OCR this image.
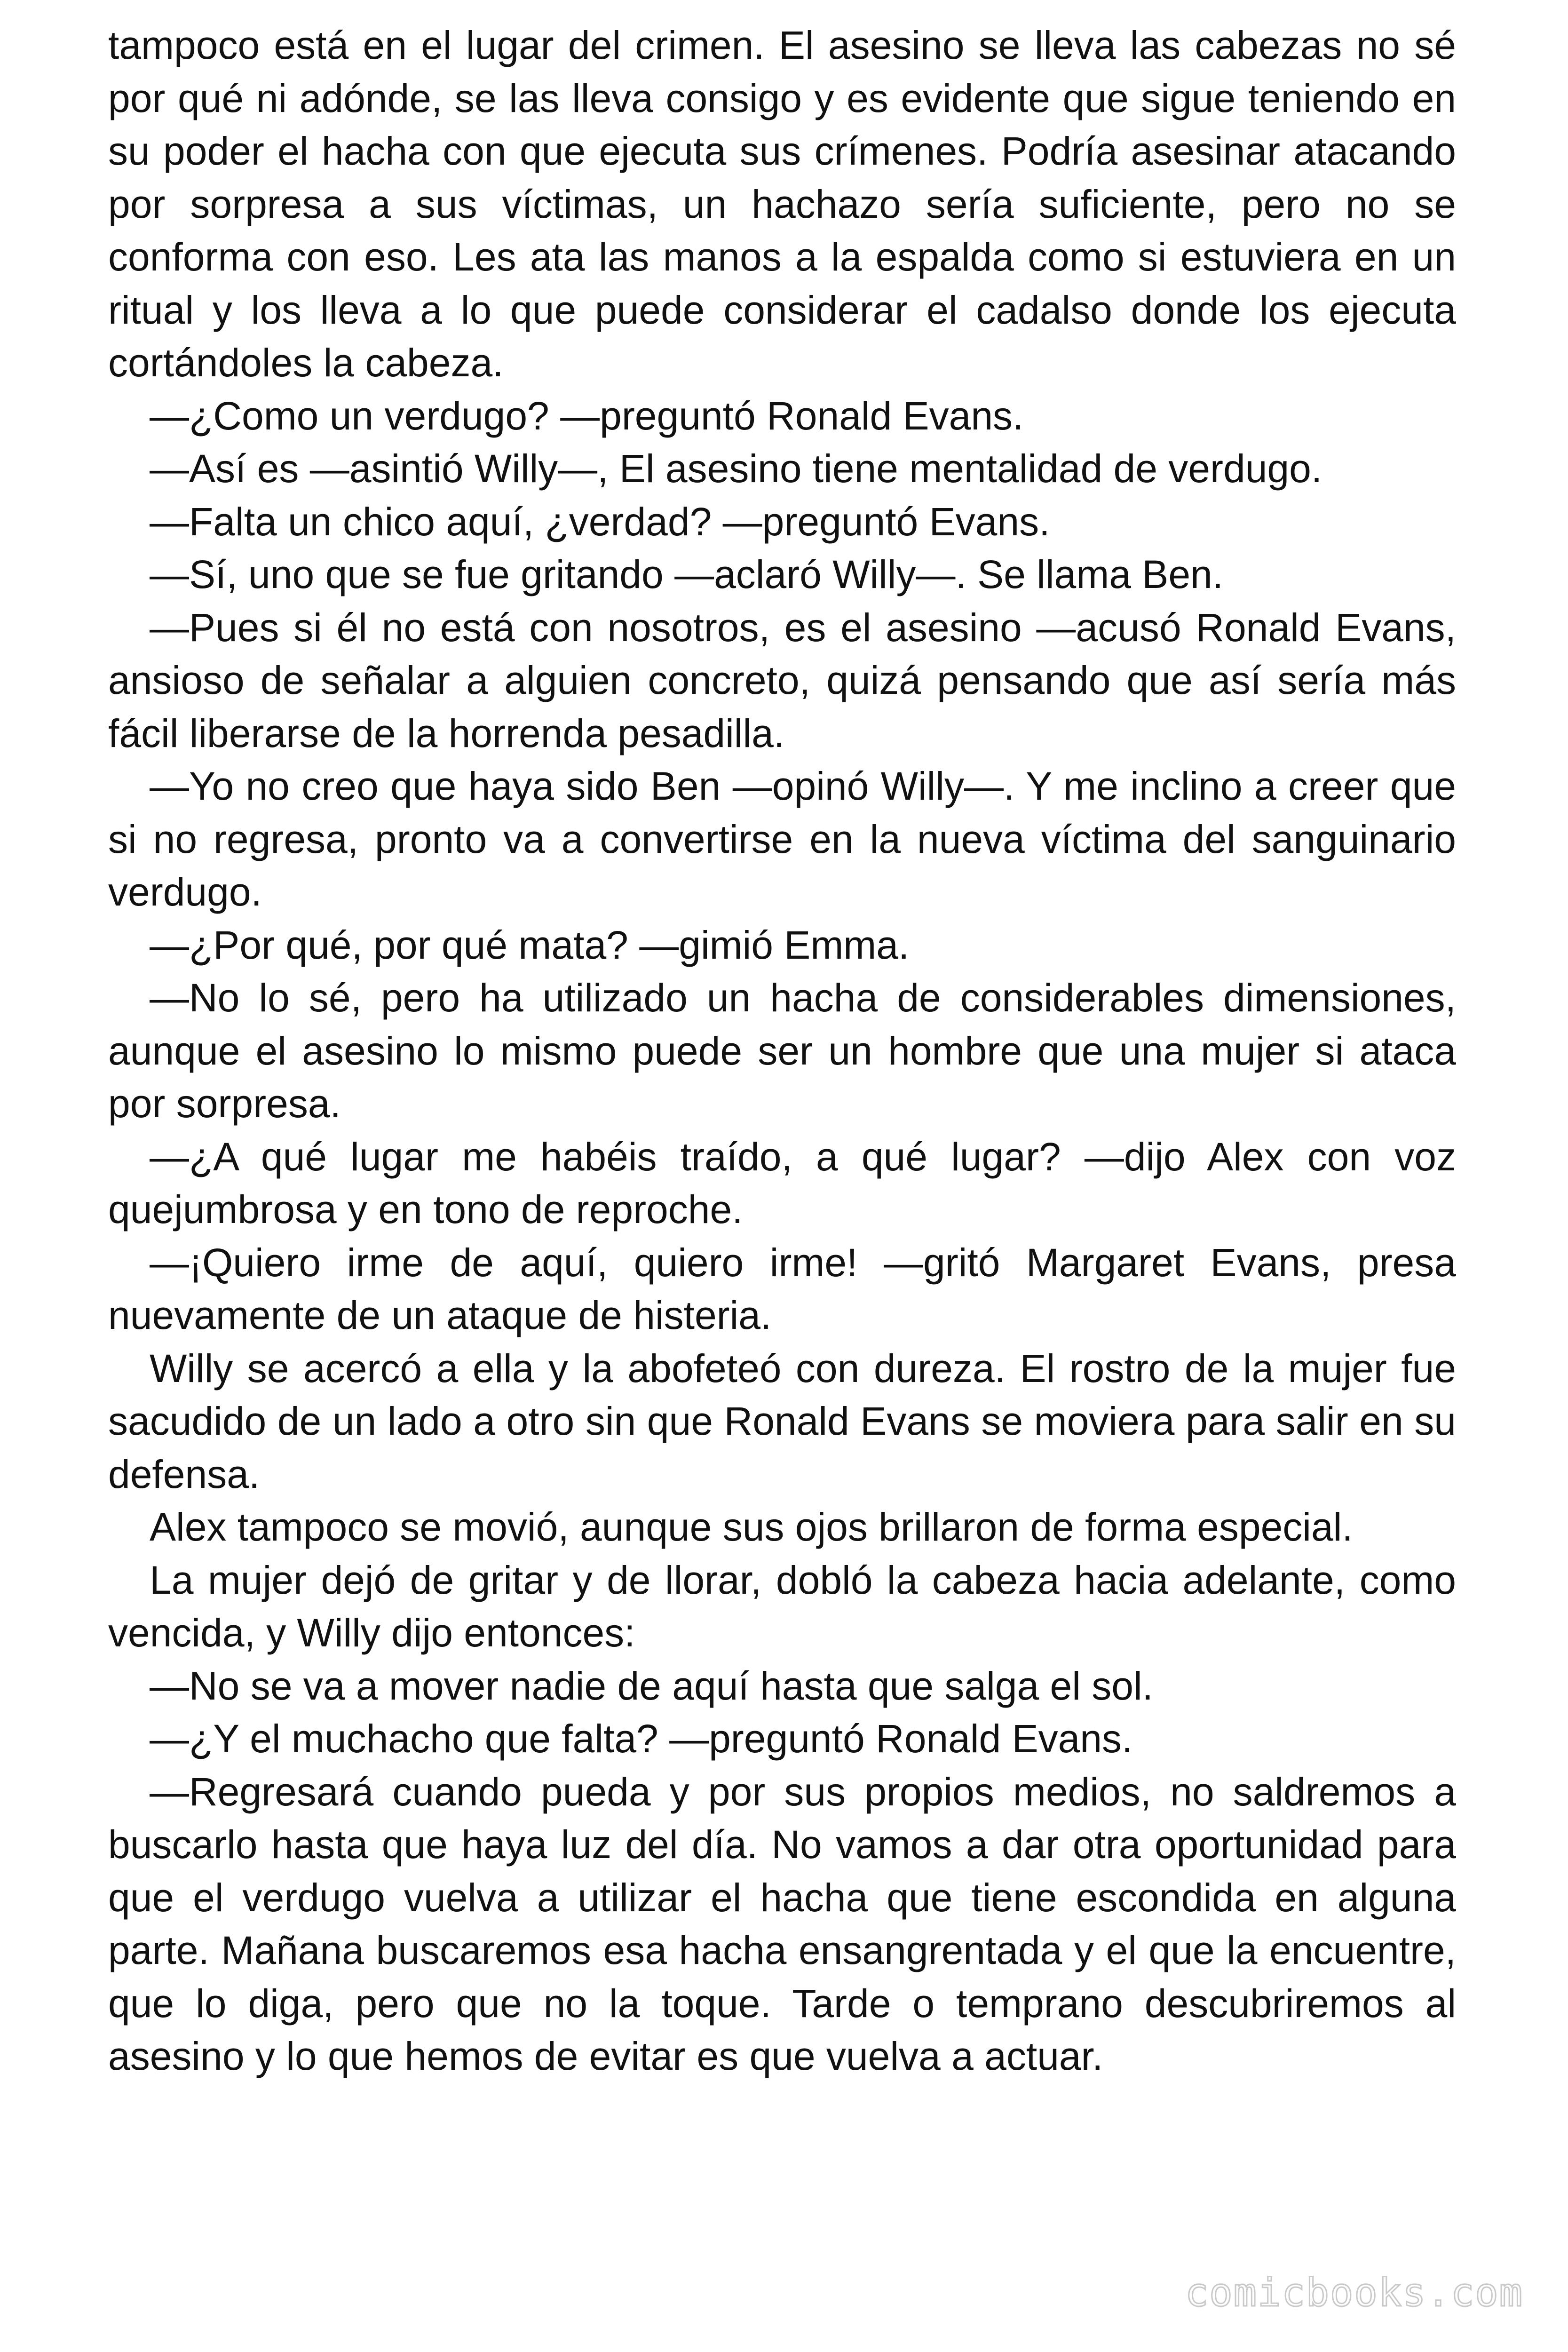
tampoco está en el lugar del crimen. El asesino se lleva las cabezas no sé por qué ni adónde, se las lleva consigo y es evidente que sigue teniendo en su poder el hacha con que ejecuta sus crímenes. Podría asesinar atacando por sorpresa a sus víctimas, un hachazo sería suficiente, pero no se conforma con eso. Les ata las manos a la espalda como si estuviera en un ritual y los lleva a lo que puede considerar el cadalso donde los ejecuta cortándoles la cabeza.

—¿Como un verdugo? —preguntó Ronald Evans.

—Así es —asintió Willy—, El asesino tiene mentalidad de verdugo.

—Falta un chico aquí, ¿verdad? —preguntó Evans.

—Sí, uno que se fue gritando —aclaró Willy—. Se llama Ben.

—Pues si él no está con nosotros, es el asesino —acusó Ronald Evans, ansioso de señalar a alguien concreto, quizá pensando que así sería más fácil liberarse de la horrenda pesadilla.

—Yo no creo que haya sido Ben —opinó Willy—. Y me inclino a creer que si no regresa, pronto va a convertirse en la nueva víctima del sanguinario verdugo.

—¿Por qué, por qué mata? —gimió Emma.

—No lo sé, pero ha utilizado un hacha de considerables dimensiones, aunque el asesino lo mismo puede ser un hombre que una mujer si ataca por sorpresa.

—¿A qué lugar me habéis traído, a qué lugar? —dijo Alex con voz quejumbrosa y en tono de reproche.

—¡Quiero irme de aquí, quiero irme! —gritó Margaret Evans, presa nuevamente de un ataque de histeria.

Willy se acercó a ella y la abofeteó con dureza. El rostro de la mujer fue sacudido de un lado a otro sin que Ronald Evans se moviera para salir en su defensa.

Alex tampoco se movió, aunque sus ojos brillaron de forma especial.

La mujer dejó de gritar y de llorar, dobló la cabeza hacia adelante, como vencida, y Willy dijo entonces:

—No se va a mover nadie de aquí hasta que salga el sol.

—¿Y el muchacho que falta? —preguntó Ronald Evans.

—Regresará cuando pueda y por sus propios medios, no saldremos a buscarlo hasta que haya luz del día. No vamos a dar otra oportunidad para que el verdugo vuelva a utilizar el hacha que tiene escondida en alguna parte. Mañana buscaremos esa hacha ensangrentada y el que la encuentre, que lo diga, pero que no la toque. Tarde o temprano descubriremos al asesino y lo que hemos de evitar es que vuelva a actuar.

comicbooks.com
